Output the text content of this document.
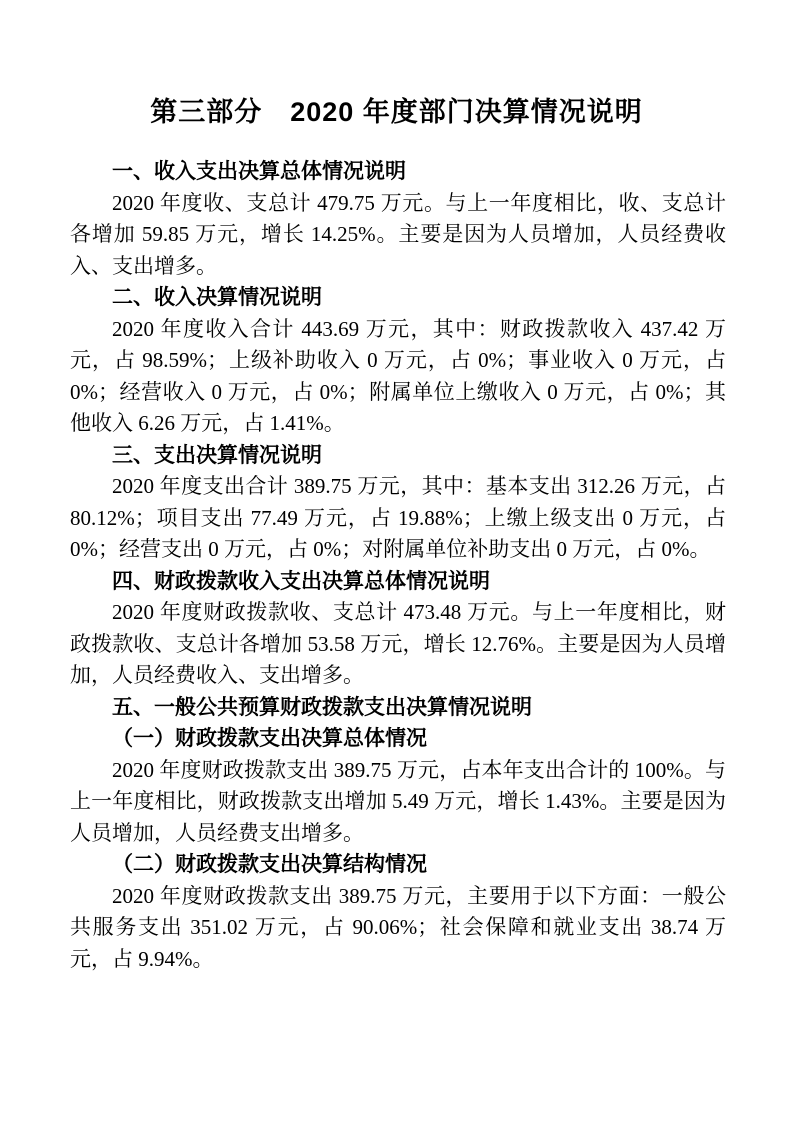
第三部分　2020 年度部门决算情况说明

一、收入支出决算总体情况说明

2020 年度收、支总计 479.75 万元。与上一年度相比，收、支总计各增加 59.85 万元，增长 14.25%。主要是因为人员增加，人员经费收入、支出增多。

二、收入决算情况说明

2020 年度收入合计 443.69 万元，其中：财政拨款收入 437.42 万元，占 98.59%；上级补助收入 0 万元，占 0%；事业收入 0 万元，占 0%；经营收入 0 万元，占 0%；附属单位上缴收入 0 万元，占 0%；其他收入 6.26 万元，占 1.41%。

三、支出决算情况说明

2020 年度支出合计 389.75 万元，其中：基本支出 312.26 万元，占 80.12%；项目支出 77.49 万元，占 19.88%；上缴上级支出 0 万元，占 0%；经营支出 0 万元，占 0%；对附属单位补助支出 0 万元，占 0%。

四、财政拨款收入支出决算总体情况说明

2020 年度财政拨款收、支总计 473.48 万元。与上一年度相比，财政拨款收、支总计各增加 53.58 万元，增长 12.76%。主要是因为人员增加，人员经费收入、支出增多。

五、一般公共预算财政拨款支出决算情况说明

（一）财政拨款支出决算总体情况

2020 年度财政拨款支出 389.75 万元，占本年支出合计的 100%。与上一年度相比，财政拨款支出增加 5.49 万元，增长 1.43%。主要是因为人员增加，人员经费支出增多。

（二）财政拨款支出决算结构情况

2020 年度财政拨款支出 389.75 万元，主要用于以下方面：一般公共服务支出 351.02 万元，占 90.06%；社会保障和就业支出 38.74 万元，占 9.94%。
